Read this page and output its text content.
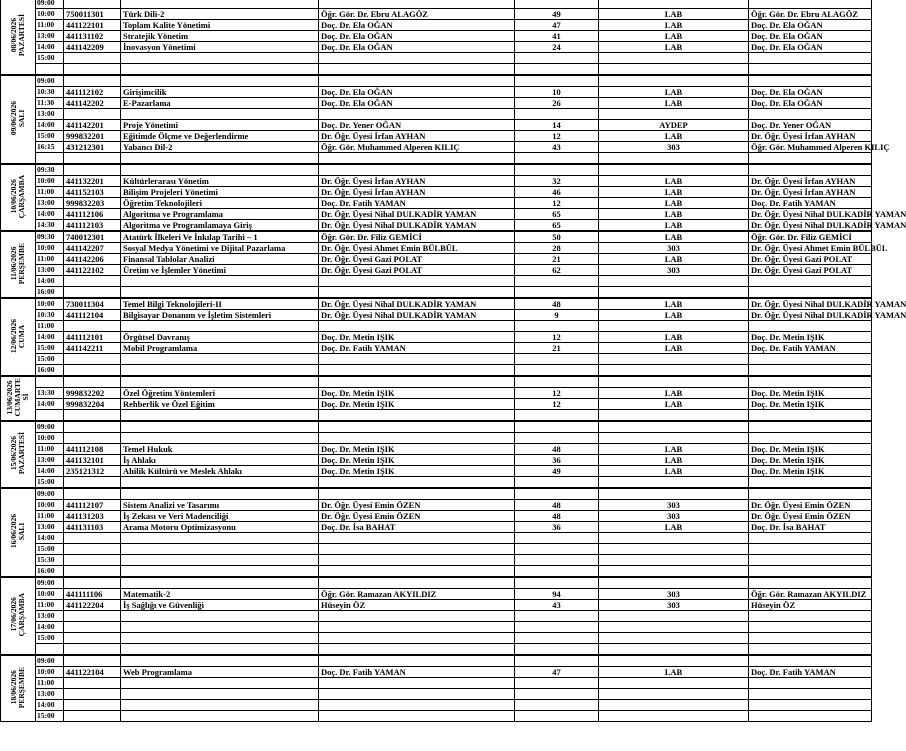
08/06/2026
PAZARTESİ	09:00						
	10:00	750011301	Türk Dili-2	Öğr. Gör. Dr. Ebru ALAGÖZ	49	LAB	Öğr. Gör. Dr. Ebru ALAGÖZ
	11:00	441122101	Toplam Kalite Yönetimi	Doç. Dr. Ela OĞAN	47	LAB	Doç. Dr. Ela OĞAN
	13:00	441131102	Stratejik Yönetim	Doç. Dr. Ela OĞAN	41	LAB	Doç. Dr. Ela OĞAN
	14:00	441142209	İnovasyon Yönetimi	Doç. Dr. Ela OĞAN	24	LAB	Doç. Dr. Ela OĞAN
	15:00						

09/06/2026
SALI	09:00						
	10:30	441112102	Girişimcilik	Doç. Dr. Ela OĞAN	10	LAB	Doç. Dr. Ela OĞAN
	11:30	441142202	E-Pazarlama	Doç. Dr. Ela OĞAN	26	LAB	Doç. Dr. Ela OĞAN
	13:00						
	14:00	441142201	Proje Yönetimi	Doç. Dr. Yener OĞAN	14	AYDEP	Doç. Dr. Yener OĞAN
	15:00	999832201	Eğitimde Ölçme ve Değerlendirme	Dr. Öğr. Üyesi İrfan AYHAN	12	LAB	Dr. Öğr. Üyesi İrfan AYHAN
	16:15	431212301	Yabancı Dil-2	Öğr. Gör. Muhammed Alperen KILIÇ	43	303	Öğr. Gör. Muhammed Alperen KILIÇ

10/06/2026
ÇARŞAMBA	09:30						
	10:00	441132201	Kültürlerarası Yönetim	Dr. Öğr. Üyesi İrfan AYHAN	32	LAB	Dr. Öğr. Üyesi İrfan AYHAN
	11:00	441152103	Bilişim Projeleri Yönetimi	Dr. Öğr. Üyesi İrfan AYHAN	46	LAB	Dr. Öğr. Üyesi İrfan AYHAN
	13:00	999832203	Öğretim Teknolojileri	Doç. Dr. Fatih YAMAN	12	LAB	Doç. Dr. Fatih YAMAN
	14:00	441112106	Algoritma ve Programlama	Dr. Öğr. Üyesi Nihal DULKADİR YAMAN	65	LAB	Dr. Öğr. Üyesi Nihal DULKADİR YAMAN
	14:30	441112103	Algoritma ve Programlamaya Giriş	Dr. Öğr. Üyesi Nihal DULKADİR YAMAN	65	LAB	Dr. Öğr. Üyesi Nihal DULKADİR YAMAN
11/06/2026
PERŞEMBE	09:30	740012301	Atatürk İlkeleri Ve İnkılap Tarihi – 1	Öğr. Gör. Dr. Filiz GEMİCİ	50	LAB	Öğr. Gör. Dr. Filiz GEMİCİ
	10:00	441142207	Sosyal Medya Yönetimi ve Dijital Pazarlama	Dr. Öğr. Üyesi Ahmet Emin BÜLBÜL	28	303	Dr. Öğr. Üyesi Ahmet Emin BÜLBÜL
	11:00	441142206	Finansal Tablolar Analizi	Dr. Öğr. Üyesi Gazi POLAT	21	LAB	Dr. Öğr. Üyesi Gazi POLAT
	13:00	441122102	Üretim ve İşlemler Yönetimi	Dr. Öğr. Üyesi Gazi POLAT	62	303	Dr. Öğr. Üyesi Gazi POLAT
	14:00						
	16:00						
12/06/2026
CUMA	10:00	730011304	Temel Bilgi Teknolojileri-II	Dr. Öğr. Üyesi Nihal DULKADİR YAMAN	48	LAB	Dr. Öğr. Üyesi Nihal DULKADİR YAMAN
	10:30	441112104	Bilgisayar Donanım ve İşletim Sistemleri	Dr. Öğr. Üyesi Nihal DULKADİR YAMAN	9	LAB	Dr. Öğr. Üyesi Nihal DULKADİR YAMAN
	11:00						
	14:00	441112101	Örgütsel Davranış	Doç. Dr. Metin IŞIK	12	LAB	Doç. Dr. Metin IŞIK
	15:00	441142211	Mobil Programlama	Doç. Dr. Fatih YAMAN	21	LAB	Doç. Dr. Fatih YAMAN
	15:00						
	16:00						
13/06/2026
CUMARTE
Sİ							
	13:30	999832202	Özel Öğretim Yöntemleri	Doç. Dr. Metin IŞIK	12	LAB	Doç. Dr. Metin IŞIK
	14:00	999832204	Rehberlik ve Özel Eğitim	Doç. Dr. Metin IŞIK	12	LAB	Doç. Dr. Metin IŞIK

15/06/2026
PAZARTESİ	09:00						
	10:00						
	11:00	441112108	Temel Hukuk	Doç. Dr. Metin IŞIK	48	LAB	Doç. Dr. Metin IŞIK
	13:00	441132101	İş Ahlakı	Doç. Dr. Metin IŞIK	36	LAB	Doç. Dr. Metin IŞIK
	14:00	235121312	Ahilik Kültürü ve Meslek Ahlakı	Doç. Dr. Metin IŞIK	49	LAB	Doç. Dr. Metin IŞIK
	15:00						
16/06/2026
SALI	09:00						
	10:00	441112107	Sistem Analizi ve Tasarımı	Dr. Öğr. Üyesi Emin ÖZEN	48	303	Dr. Öğr. Üyesi Emin ÖZEN
	11:00	441131203	İş Zekası ve Veri Madenciliği	Dr. Öğr. Üyesi Emin ÖZEN	48	303	Dr. Öğr. Üyesi Emin ÖZEN
	13:00	441131103	Arama Motoru Optimizasyonu	Doç. Dr. İsa BAHAT	36	LAB	Doç. Dr. İsa BAHAT
	14:00						
	15:00						
	15:30						
	16:00						
17/06/2026
ÇARŞAMBA	09:00						
	10:00	441111106	Matematik-2	Öğr. Gör. Ramazan AKYILDIZ	94	303	Öğr. Gör. Ramazan AKYILDIZ
	11:00	441122204	İş Sağlığı ve Güvenliği	Hüseyin ÖZ	43	303	Hüseyin ÖZ
	13:00						
	14:00						
	15:00						

18/06/2026
PERŞEMBE	09:00						
	10:00	441122104	Web Programlama	Doç. Dr. Fatih YAMAN	47	LAB	Doç. Dr. Fatih YAMAN
	11:00						
	13:00						
	14:00						
	15:00						
